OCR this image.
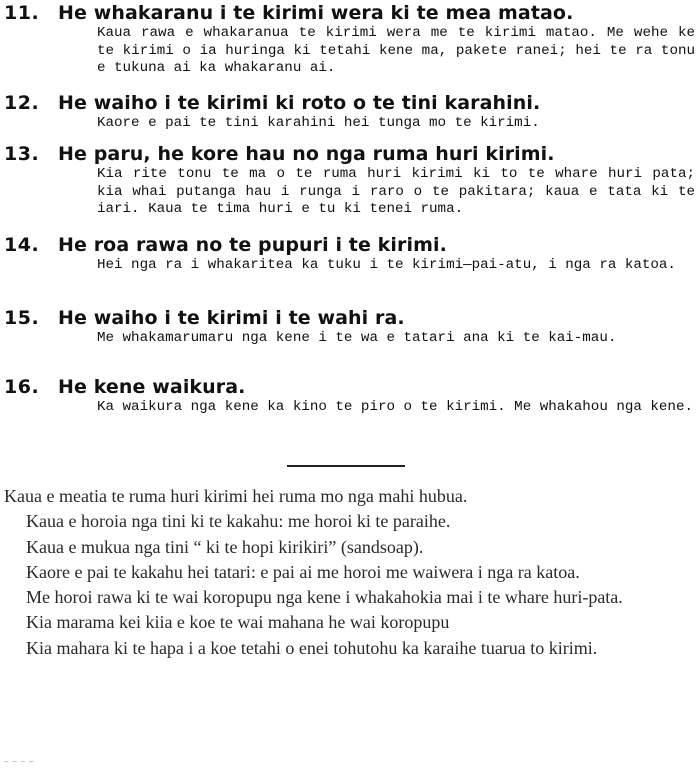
11. He whakaranu i te kirimi wera ki te mea matao.
Kaua rawa e whakaranua te kirimi wera me te kirimi matao. Me wehe ke te kirimi o ia huringa ki tetahi kene ma, pakete ranei; hei te ra tonu e tukuna ai ka whakaranu ai.
12. He waiho i te kirimi ki roto o te tini karahini.
Kaore e pai te tini karahini hei tunga mo te kirimi.
13. He paru, he kore hau no nga ruma huri kirimi.
Kia rite tonu te ma o te ruma huri kirimi ki to te whare huri pata; kia whai putanga hau i runga i raro o te pakitara; kaua e tata ki te iari. Kaua te tima huri e tu ki tenei ruma.
14. He roa rawa no te pupuri i te kirimi.
Hei nga ra i whakaritea ka tuku i te kirimi—pai-atu, i nga ra katoa.
15. He waiho i te kirimi i te wahi ra.
Me whakamarumaru nga kene i te wa e tatari ana ki te kai-mau.
16. He kene waikura.
Ka waikura nga kene ka kino te piro o te kirimi. Me whakahou nga kene.

Kaua e meatia te ruma huri kirimi hei ruma mo nga mahi hubua.

Kaua e horoia nga tini ki te kakahu: me horoi ki te paraihe.

Kaua e mukua nga tini “ ki te hopi kirikiri” (sandsoap).

Kaore e pai te kakahu hei tatari: e pai ai me horoi me waiwera i nga ra katoa.

Me horoi rawa ki te wai koropupu nga kene i whakahokia mai i te whare huri-pata.

Kia marama kei kiia e koe te wai mahana he wai koropupu

Kia mahara ki te hapa i a koe tetahi o enei tohutohu ka karaihe tuarua to kirimi.

— — — —
